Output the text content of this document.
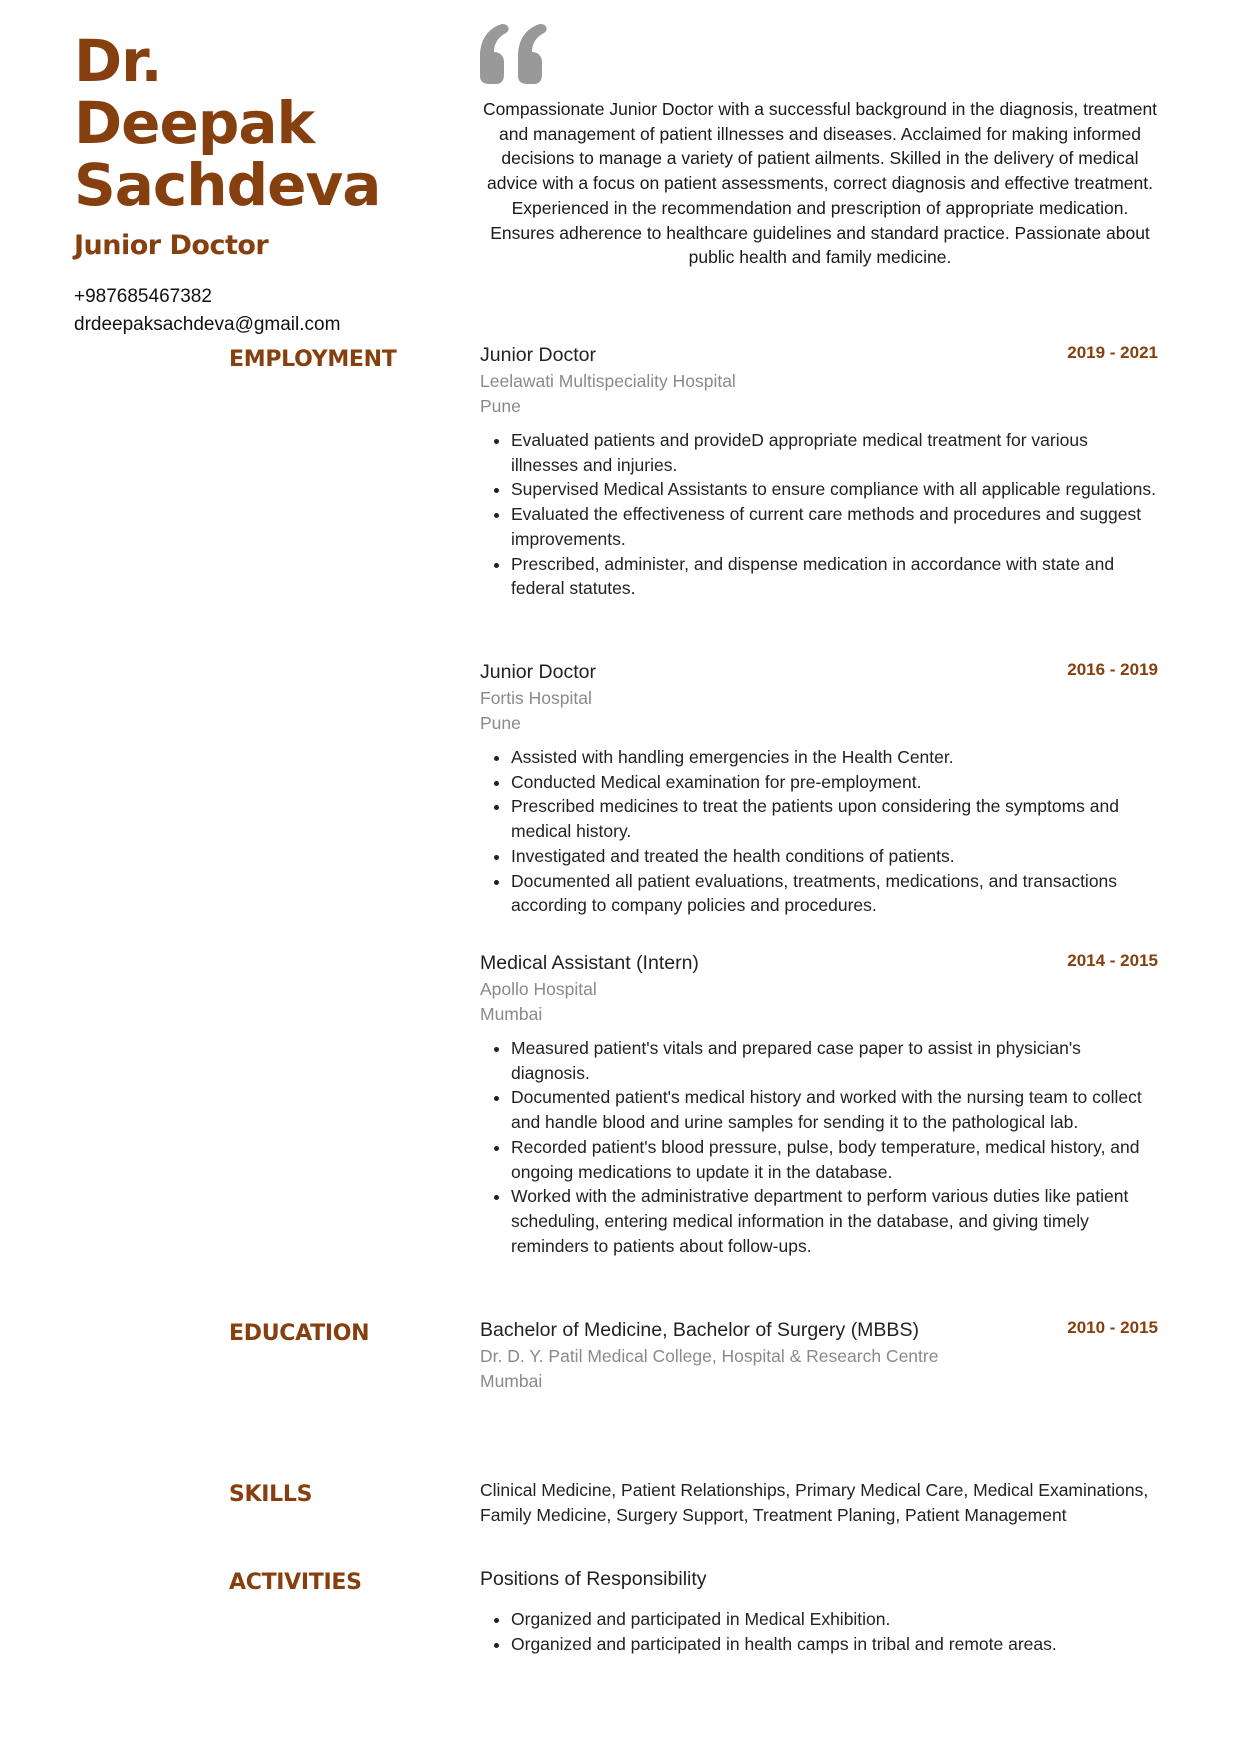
Dr.
Deepak
Sachdeva
Junior Doctor
+987685467382
drdeepaksachdeva@gmail.com
Compassionate Junior Doctor with a successful background in the diagnosis, treatment and management of patient illnesses and diseases. Acclaimed for making informed decisions to manage a variety of patient ailments. Skilled in the delivery of medical advice with a focus on patient assessments, correct diagnosis and effective treatment. Experienced in the recommendation and prescription of appropriate medication. Ensures adherence to healthcare guidelines and standard practice. Passionate about public health and family medicine.
EMPLOYMENT	Junior Doctor	2019 - 2021
Leelawati Multispeciality Hospital
Pune
• Evaluated patients and provideD appropriate medical treatment for various illnesses and injuries.
• Supervised Medical Assistants to ensure compliance with all applicable regulations.
• Evaluated the effectiveness of current care methods and procedures and suggest improvements.
• Prescribed, administer, and dispense medication in accordance with state and federal statutes.
Junior Doctor	2016 - 2019
Fortis Hospital
Pune
• Assisted with handling emergencies in the Health Center.
• Conducted Medical examination for pre-employment.
• Prescribed medicines to treat the patients upon considering the symptoms and medical history.
• Investigated and treated the health conditions of patients.
• Documented all patient evaluations, treatments, medications, and transactions according to company policies and procedures.
Medical Assistant (Intern)	2014 - 2015
Apollo Hospital
Mumbai
• Measured patient's vitals and prepared case paper to assist in physician's diagnosis.
• Documented patient's medical history and worked with the nursing team to collect and handle blood and urine samples for sending it to the pathological lab.
• Recorded patient's blood pressure, pulse, body temperature, medical history, and ongoing medications to update it in the database.
• Worked with the administrative department to perform various duties like patient scheduling, entering medical information in the database, and giving timely reminders to patients about follow-ups.
EDUCATION	Bachelor of Medicine, Bachelor of Surgery (MBBS)	2010 - 2015
Dr. D. Y. Patil Medical College, Hospital & Research Centre
Mumbai
SKILLS	Clinical Medicine, Patient Relationships, Primary Medical Care, Medical Examinations, Family Medicine, Surgery Support, Treatment Planing, Patient Management
ACTIVITIES	Positions of Responsibility
• Organized and participated in Medical Exhibition.
• Organized and participated in health camps in tribal and remote areas.
